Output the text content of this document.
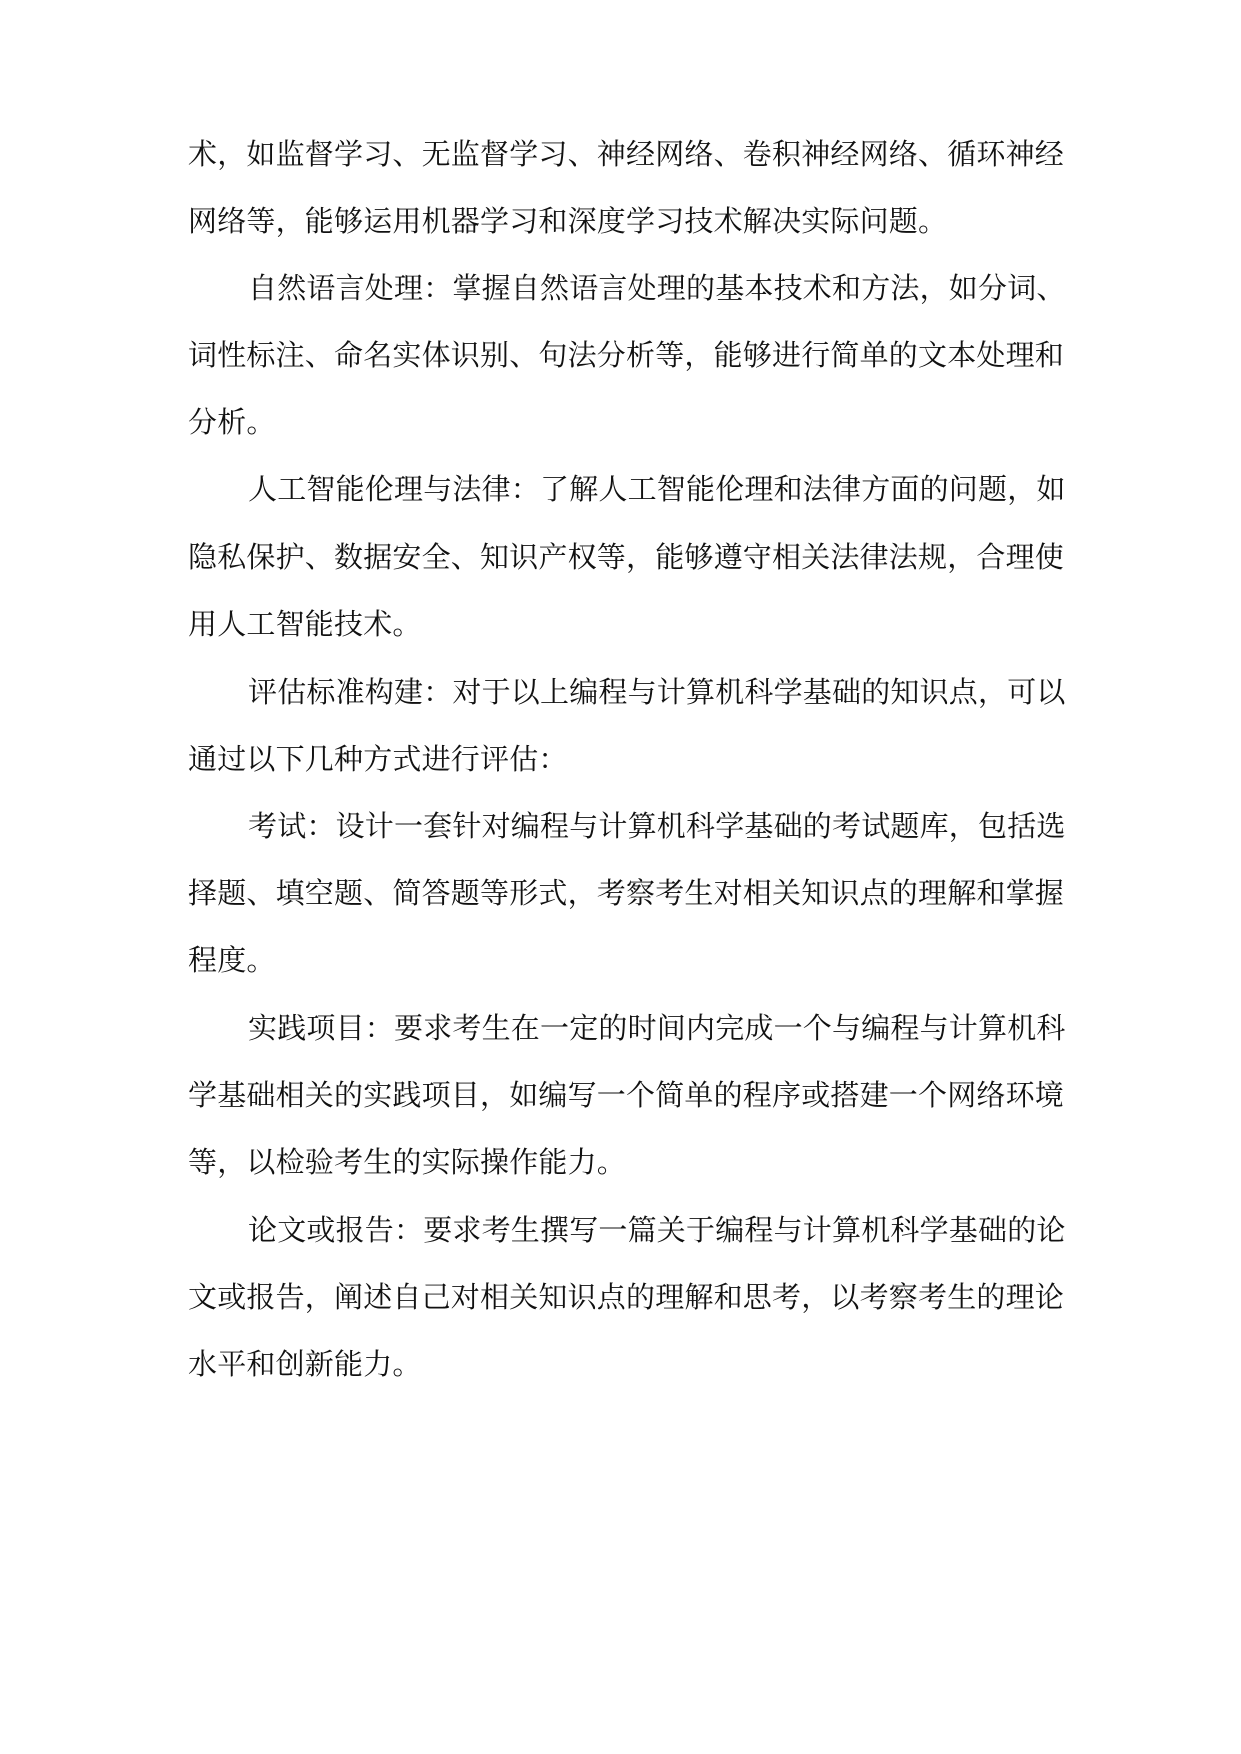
术，如监督学习、无监督学习、神经网络、卷积神经网络、循环神经
网络等，能够运用机器学习和深度学习技术解决实际问题。
自然语言处理：掌握自然语言处理的基本技术和方法，如分词、
词性标注、命名实体识别、句法分析等，能够进行简单的文本处理和
分析。
人工智能伦理与法律：了解人工智能伦理和法律方面的问题，如
隐私保护、数据安全、知识产权等，能够遵守相关法律法规，合理使
用人工智能技术。
评估标准构建：对于以上编程与计算机科学基础的知识点，可以
通过以下几种方式进行评估：
考试：设计一套针对编程与计算机科学基础的考试题库，包括选
择题、填空题、简答题等形式，考察考生对相关知识点的理解和掌握
程度。
实践项目：要求考生在一定的时间内完成一个与编程与计算机科
学基础相关的实践项目，如编写一个简单的程序或搭建一个网络环境
等，以检验考生的实际操作能力。
论文或报告：要求考生撰写一篇关于编程与计算机科学基础的论
文或报告，阐述自己对相关知识点的理解和思考，以考察考生的理论
水平和创新能力。
